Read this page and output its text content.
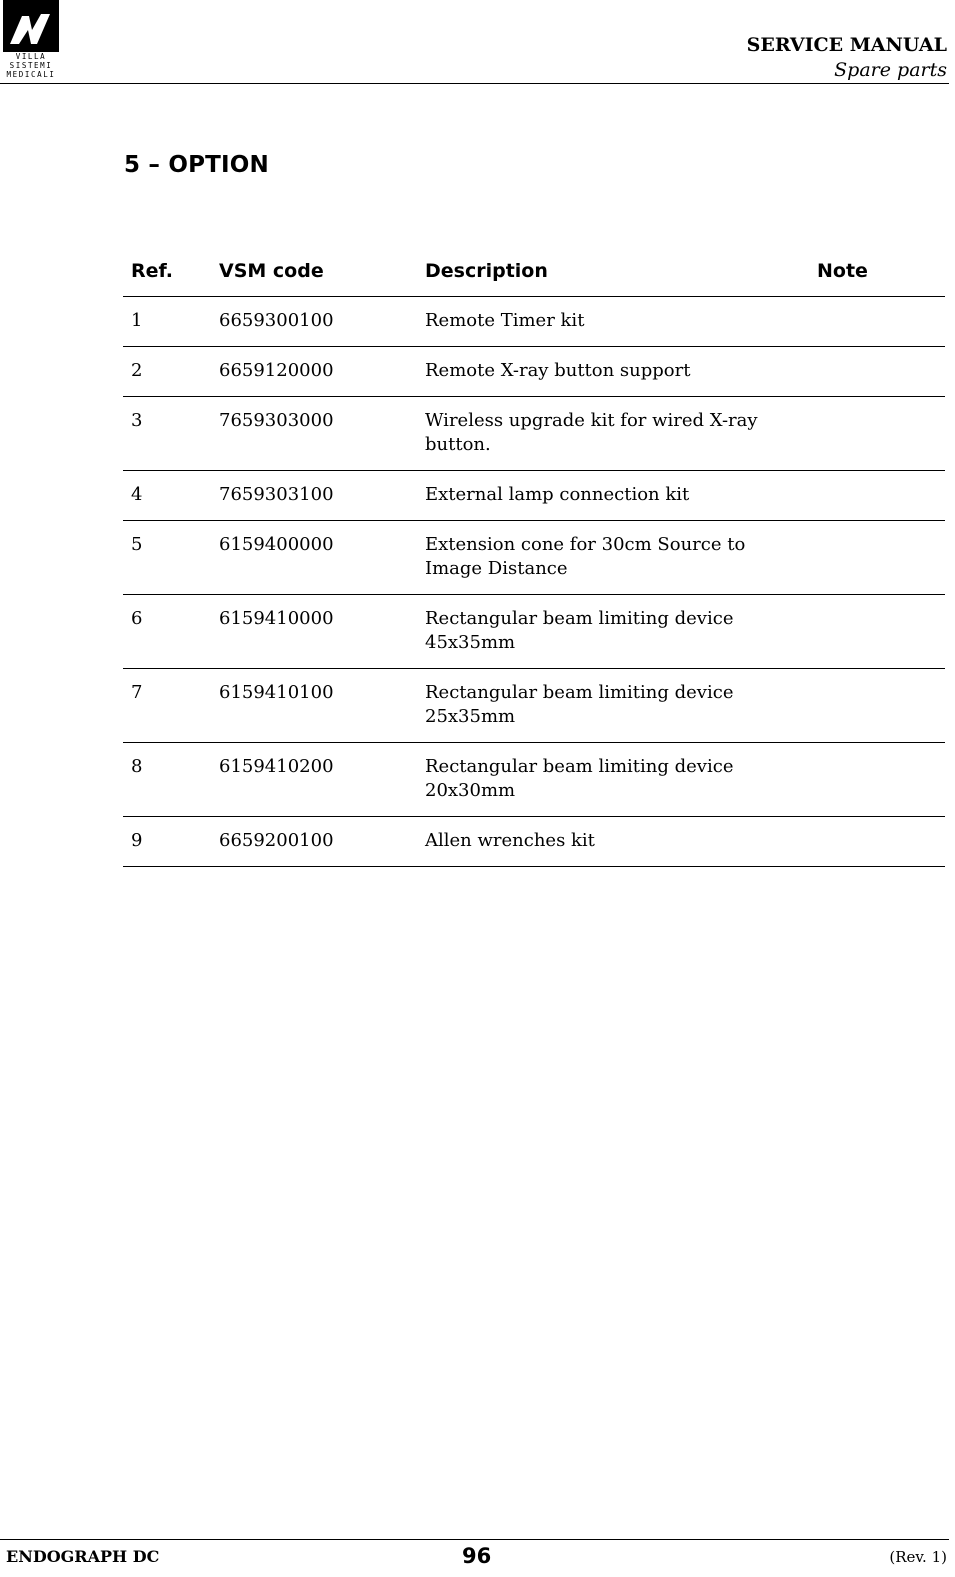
VILLA
SISTEMI
MEDICALI
SERVICE MANUAL
Spare parts
5 – OPTION
Ref.	VSM code	Description	Note
1	6659300100	Remote Timer kit	
2	6659120000	Remote X-ray button support	
3	7659303000	Wireless upgrade kit for wired X-ray button.	
4	7659303100	External lamp connection kit	
5	6159400000	Extension cone for 30cm Source to Image Distance	
6	6159410000	Rectangular beam limiting device 45x35mm	
7	6159410100	Rectangular beam limiting device 25x35mm	
8	6159410200	Rectangular beam limiting device 20x30mm	
9	6659200100	Allen wrenches kit	
ENDOGRAPH DC	96	(Rev. 1)
